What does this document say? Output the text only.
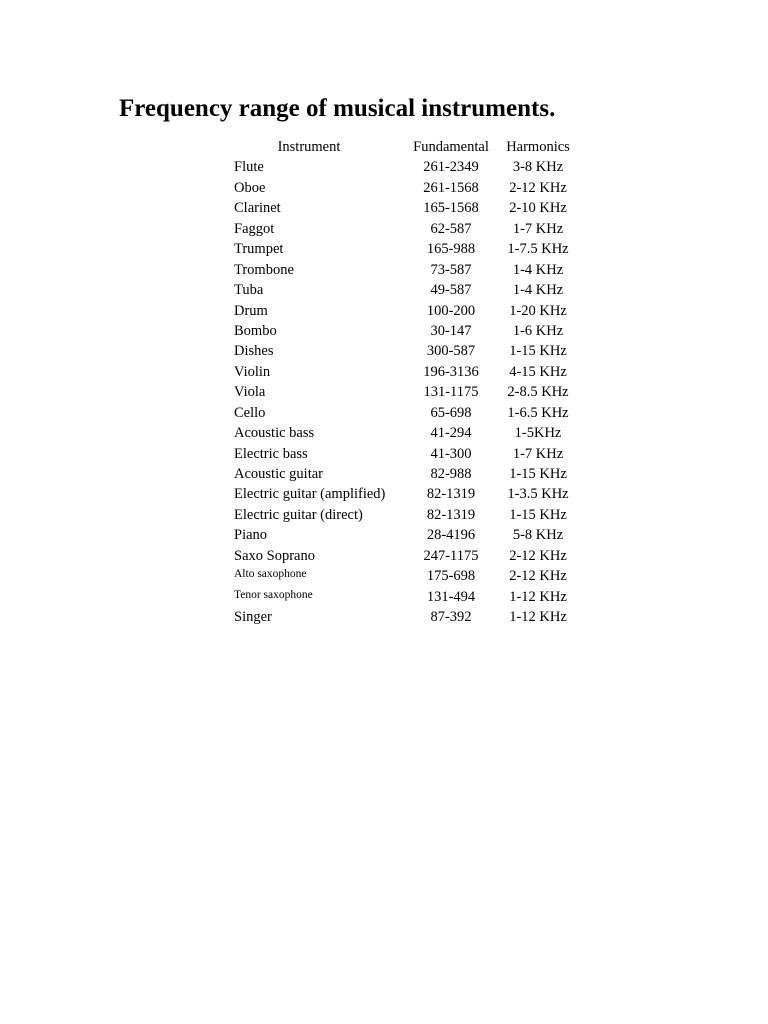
Frequency range of musical instruments.
Instrument	Fundamental	Harmonics
Flute	261-2349	3-8 KHz
Oboe	261-1568	2-12 KHz
Clarinet	165-1568	2-10 KHz
Faggot	62-587	1-7 KHz
Trumpet	165-988	1-7.5 KHz
Trombone	73-587	1-4 KHz
Tuba	49-587	1-4 KHz
Drum	100-200	1-20 KHz
Bombo	30-147	1-6 KHz
Dishes	300-587	1-15 KHz
Violin	196-3136	4-15 KHz
Viola	131-1175	2-8.5 KHz
Cello	65-698	1-6.5 KHz
Acoustic bass	41-294	1-5KHz
Electric bass	41-300	1-7 KHz
Acoustic guitar	82-988	1-15 KHz
Electric guitar (amplified)	82-1319	1-3.5 KHz
Electric guitar (direct)	82-1319	1-15 KHz
Piano	28-4196	5-8 KHz
Saxo Soprano	247-1175	2-12 KHz
Alto saxophone	175-698	2-12 KHz
Tenor saxophone	131-494	1-12 KHz
Singer	87-392	1-12 KHz
